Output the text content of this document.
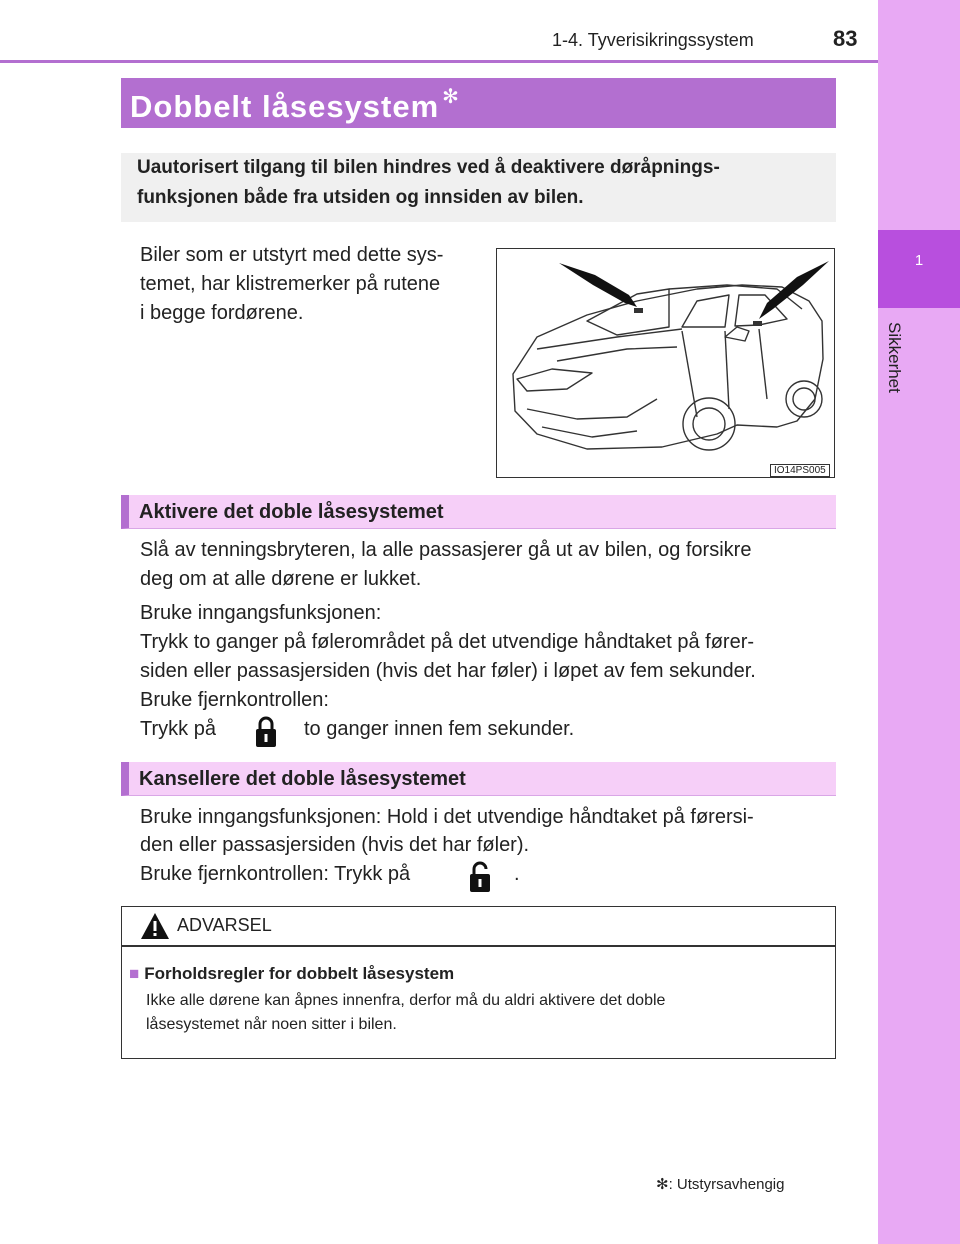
1
Sikkerhet
1-4. Tyverisikringssystem	83
Dobbelt låsesystem ✻
Uautorisert tilgang til bilen hindres ved å deaktivere døråpnings-
funksjonen både fra utsiden og innsiden av bilen.
Biler som er utstyrt med dette sys-
temet, har klistremerker på rutene
i begge fordørene.
IO14PS005
Aktivere det doble låsesystemet
Slå av tenningsbryteren, la alle passasjerer gå ut av bilen, og forsikre
deg om at alle dørene er lukket.
Bruke inngangsfunksjonen:
Trykk to ganger på følerområdet på det utvendige håndtaket på fører-
siden eller passasjersiden (hvis det har føler) i løpet av fem sekunder.
Bruke fjernkontrollen:
Trykk på	to ganger innen fem sekunder.
Kansellere det doble låsesystemet
Bruke inngangsfunksjonen: Hold i det utvendige håndtaket på førersi-
den eller passasjersiden (hvis det har føler).
Bruke fjernkontrollen: Trykk på	.
ADVARSEL
■ Forholdsregler for dobbelt låsesystem
Ikke alle dørene kan åpnes innenfra, derfor må du aldri aktivere det doble
låsesystemet når noen sitter i bilen.
✻: Utstyrsavhengig
